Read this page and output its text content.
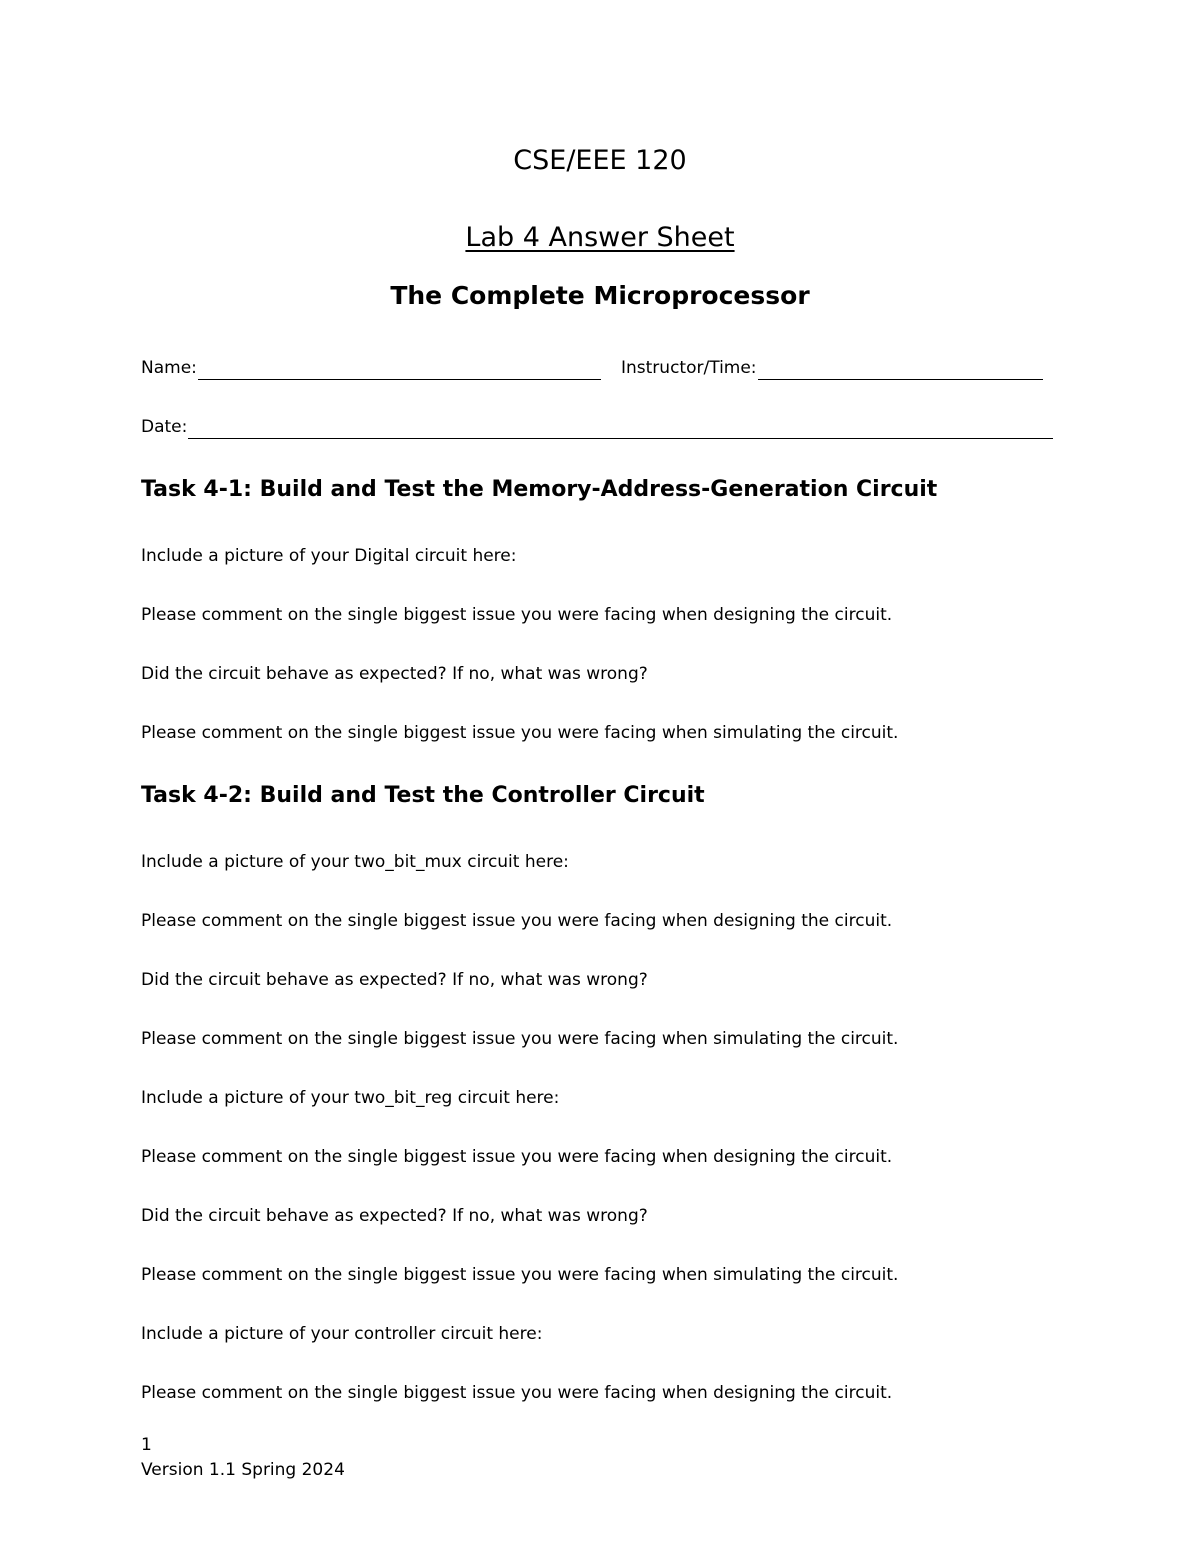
CSE/EEE 120
Lab 4 Answer Sheet
The Complete Microprocessor
Name:	Instructor/Time:
Date:
Task 4-1: Build and Test the Memory-Address-Generation Circuit
Include a picture of your Digital circuit here:
Please comment on the single biggest issue you were facing when designing the circuit.
Did the circuit behave as expected? If no, what was wrong?
Please comment on the single biggest issue you were facing when simulating the circuit.
Task 4-2: Build and Test the Controller Circuit
Include a picture of your two_bit_mux circuit here:
Please comment on the single biggest issue you were facing when designing the circuit.
Did the circuit behave as expected? If no, what was wrong?
Please comment on the single biggest issue you were facing when simulating the circuit.
Include a picture of your two_bit_reg circuit here:
Please comment on the single biggest issue you were facing when designing the circuit.
Did the circuit behave as expected? If no, what was wrong?
Please comment on the single biggest issue you were facing when simulating the circuit.
Include a picture of your controller circuit here:
Please comment on the single biggest issue you were facing when designing the circuit.
1
Version 1.1 Spring 2024
